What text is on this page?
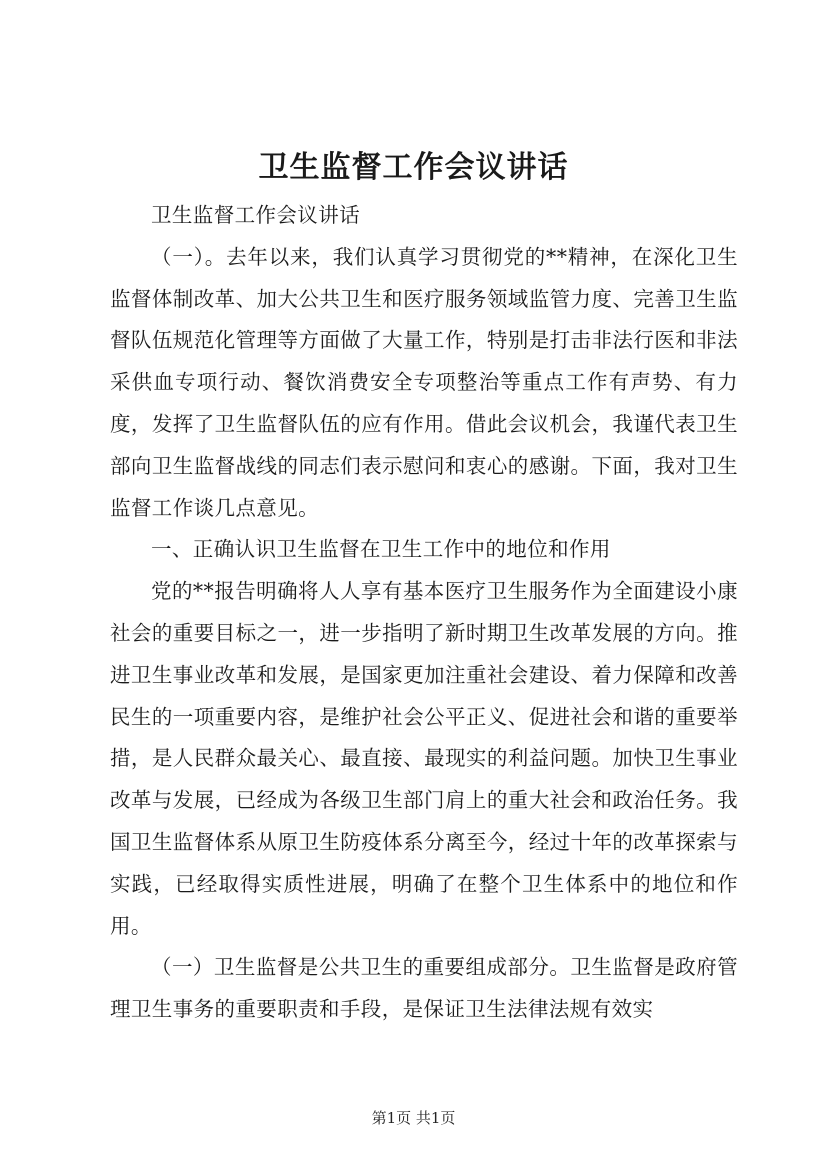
卫生监督工作会议讲话

卫生监督工作会议讲话

（一）。去年以来，我们认真学习贯彻党的**精神，在深化卫生监督体制改革、加大公共卫生和医疗服务领域监管力度、完善卫生监督队伍规范化管理等方面做了大量工作，特别是打击非法行医和非法采供血专项行动、餐饮消费安全专项整治等重点工作有声势、有力度，发挥了卫生监督队伍的应有作用。借此会议机会，我谨代表卫生部向卫生监督战线的同志们表示慰问和衷心的感谢。下面，我对卫生监督工作谈几点意见。

一、正确认识卫生监督在卫生工作中的地位和作用

党的**报告明确将人人享有基本医疗卫生服务作为全面建设小康社会的重要目标之一，进一步指明了新时期卫生改革发展的方向。推进卫生事业改革和发展，是国家更加注重社会建设、着力保障和改善民生的一项重要内容，是维护社会公平正义、促进社会和谐的重要举措，是人民群众最关心、最直接、最现实的利益问题。加快卫生事业改革与发展，已经成为各级卫生部门肩上的重大社会和政治任务。我国卫生监督体系从原卫生防疫体系分离至今，经过十年的改革探索与实践，已经取得实质性进展，明确了在整个卫生体系中的地位和作用。

（一）卫生监督是公共卫生的重要组成部分。卫生监督是政府管理卫生事务的重要职责和手段，是保证卫生法律法规有效实

第1页 共1页
